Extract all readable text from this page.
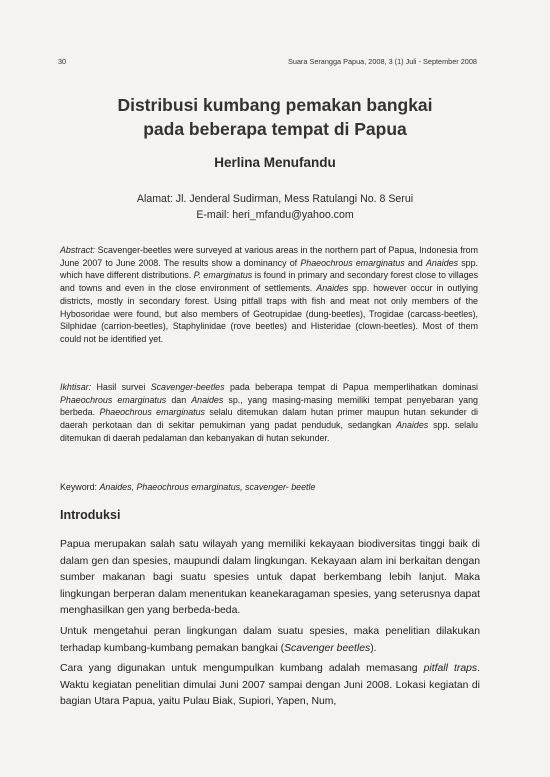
30	Suara Serangga Papua, 2008, 3 (1) Juli - September 2008
Distribusi kumbang pemakan bangkai
pada beberapa tempat di Papua
Herlina Menufandu
Alamat: Jl. Jenderal Sudirman, Mess Ratulangi No. 8 Serui
E-mail: heri_mfandu@yahoo.com
Abstract: Scavenger-beetles were surveyed at various areas in the northern part of Papua, Indonesia from June 2007 to June 2008. The results show a dominancy of Phaeochrous emarginatus and Anaides spp. which have different distributions. P. emarginatus is found in primary and secondary forest close to villages and towns and even in the close environment of settlements. Anaides spp. however occur in outlying districts, mostly in secondary forest. Using pitfall traps with fish and meat not only members of the Hybosoridae were found, but also members of Geotrupidae (dung-beetles), Trogidae (carcass-beetles), Silphidae (carrion-beetles), Staphylinidae (rove beetles) and Histeridae (clown-beetles). Most of them could not be identified yet.
Ikhtisar: Hasil survei Scavenger-beetles pada beberapa tempat di Papua memperlihatkan dominasi Phaeochrous emarginatus dan Anaides sp., yang masing-masing memiliki tempat penyebaran yang berbeda. Phaeochrous emarginatus selalu ditemukan dalam hutan primer maupun hutan sekunder di daerah perkotaan dan di sekitar pemukiman yang padat penduduk, sedangkan Anaides spp. selalu ditemukan di daerah pedalaman dan kebanyakan di hutan sekunder.
Keyword: Anaides, Phaeochrous emarginatus, scavenger- beetle
Introduksi
Papua merupakan salah satu wilayah yang memiliki kekayaan biodiversitas tinggi baik di dalam gen dan spesies, maupundi dalam lingkungan. Kekayaan alam ini berkaitan dengan sumber makanan bagi suatu spesies untuk dapat berkembang lebih lanjut. Maka lingkungan berperan dalam menentukan keanekaragaman spesies, yang seterusnya dapat menghasilkan gen yang berbeda-beda.
Untuk mengetahui peran lingkungan dalam suatu spesies, maka penelitian dilakukan terhadap kumbang-kumbang pemakan bangkai (Scavenger beetles).
Cara yang digunakan untuk mengumpulkan kumbang adalah memasang pitfall traps. Waktu kegiatan penelitian dimulai Juni 2007 sampai dengan Juni 2008. Lokasi kegiatan di bagian Utara Papua, yaitu Pulau Biak, Supiori, Yapen, Num,
